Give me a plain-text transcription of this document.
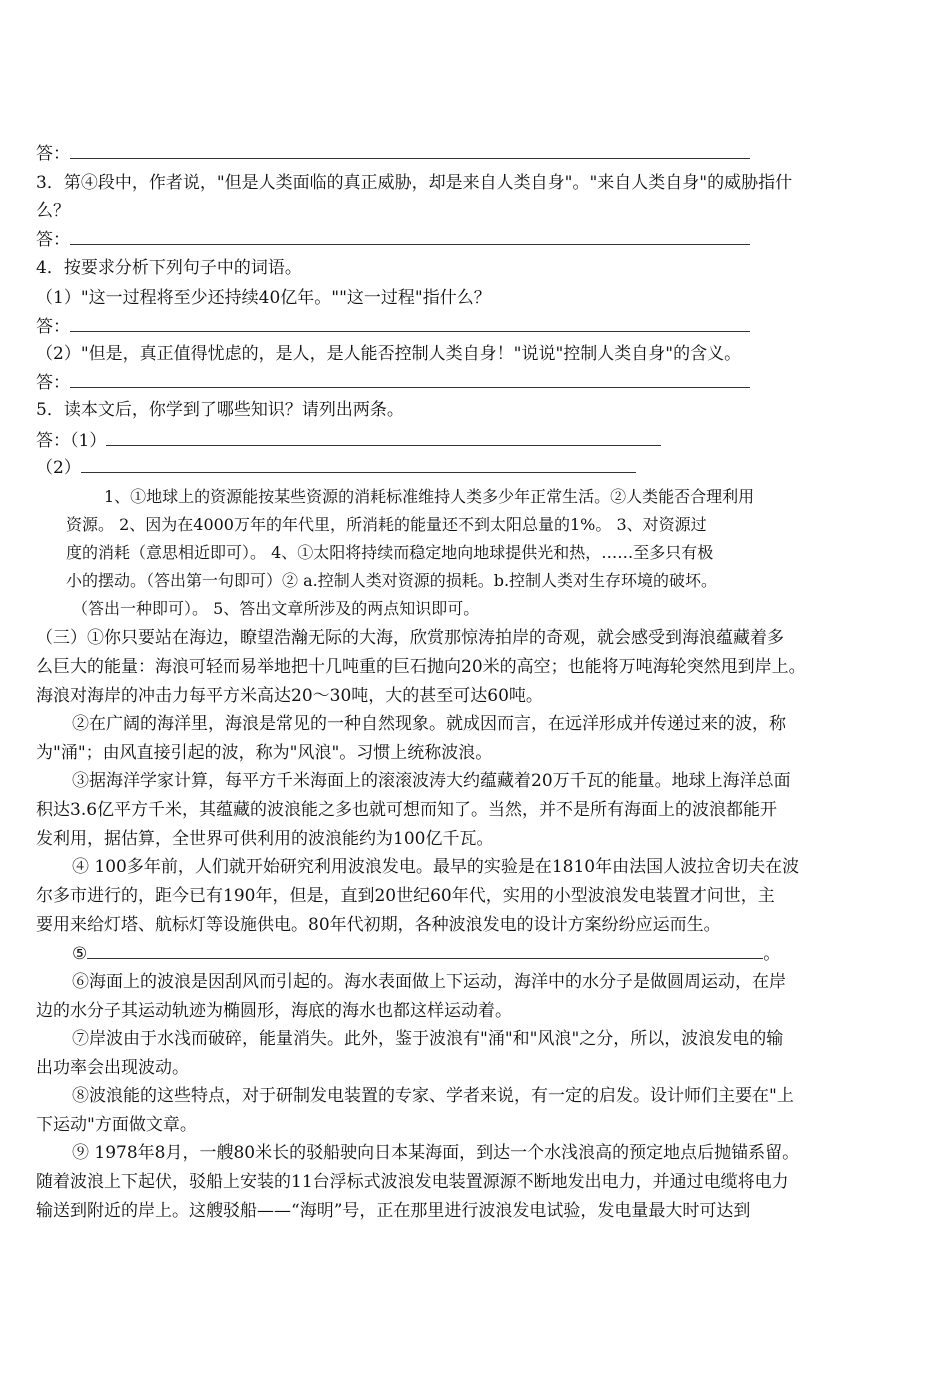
答：
3．第④段中，作者说，"但是人类面临的真正威胁，却是来自人类自身"。"来自人类自身"的威胁指什
么？
答：
4．按要求分析下列句子中的词语。
（1）"这一过程将至少还持续40亿年。""这一过程"指什么？
答：
（2）"但是，真正值得忧虑的，是人，是人能否控制人类自身！"说说"控制人类自身"的含义。
答：
5．读本文后，你学到了哪些知识？请列出两条。
答：（1）
（2）
1、①地球上的资源能按某些资源的消耗标准维持人类多少年正常生活。②人类能否合理利用
资源。 2、因为在4000万年的年代里，所消耗的能量还不到太阳总量的1%。 3、对资源过
度的消耗（意思相近即可）。 4、①太阳将持续而稳定地向地球提供光和热，……至多只有极
小的摆动。（答出第一句即可）② a.控制人类对资源的损耗。b.控制人类对生存环境的破坏。
（答出一种即可）。 5、答出文章所涉及的两点知识即可。
（三）①你只要站在海边，瞭望浩瀚无际的大海，欣赏那惊涛拍岸的奇观，就会感受到海浪蕴藏着多
么巨大的能量：海浪可轻而易举地把十几吨重的巨石抛向20米的高空；也能将万吨海轮突然甩到岸上。
海浪对海岸的冲击力每平方米高达20～30吨，大的甚至可达60吨。
②在广阔的海洋里，海浪是常见的一种自然现象。就成因而言，在远洋形成并传递过来的波，称
为"涌"；由风直接引起的波，称为"风浪"。习惯上统称波浪。
③据海洋学家计算，每平方千米海面上的滚滚波涛大约蕴藏着20万千瓦的能量。地球上海洋总面
积达3.6亿平方千米，其蕴藏的波浪能之多也就可想而知了。当然，并不是所有海面上的波浪都能开
发利用，据估算，全世界可供利用的波浪能约为100亿千瓦。
④ 100多年前，人们就开始研究利用波浪发电。最早的实验是在1810年由法国人波拉舍切夫在波
尔多市进行的，距今已有190年，但是，直到20世纪60年代，实用的小型波浪发电装置才问世，主
要用来给灯塔、航标灯等设施供电。80年代初期，各种波浪发电的设计方案纷纷应运而生。
⑤	。
⑥海面上的波浪是因刮风而引起的。海水表面做上下运动，海洋中的水分子是做圆周运动，在岸
边的水分子其运动轨迹为椭圆形，海底的海水也都这样运动着。
⑦岸波由于水浅而破碎，能量消失。此外，鉴于波浪有"涌"和"风浪"之分，所以，波浪发电的输
出功率会出现波动。
⑧波浪能的这些特点，对于研制发电装置的专家、学者来说，有一定的启发。设计师们主要在"上
下运动"方面做文章。
⑨ 1978年8月，一艘80米长的驳船驶向日本某海面，到达一个水浅浪高的预定地点后抛锚系留。
随着波浪上下起伏，驳船上安装的11台浮标式波浪发电装置源源不断地发出电力，并通过电缆将电力
输送到附近的岸上。这艘驳船——“海明”号，正在那里进行波浪发电试验，发电量最大时可达到
